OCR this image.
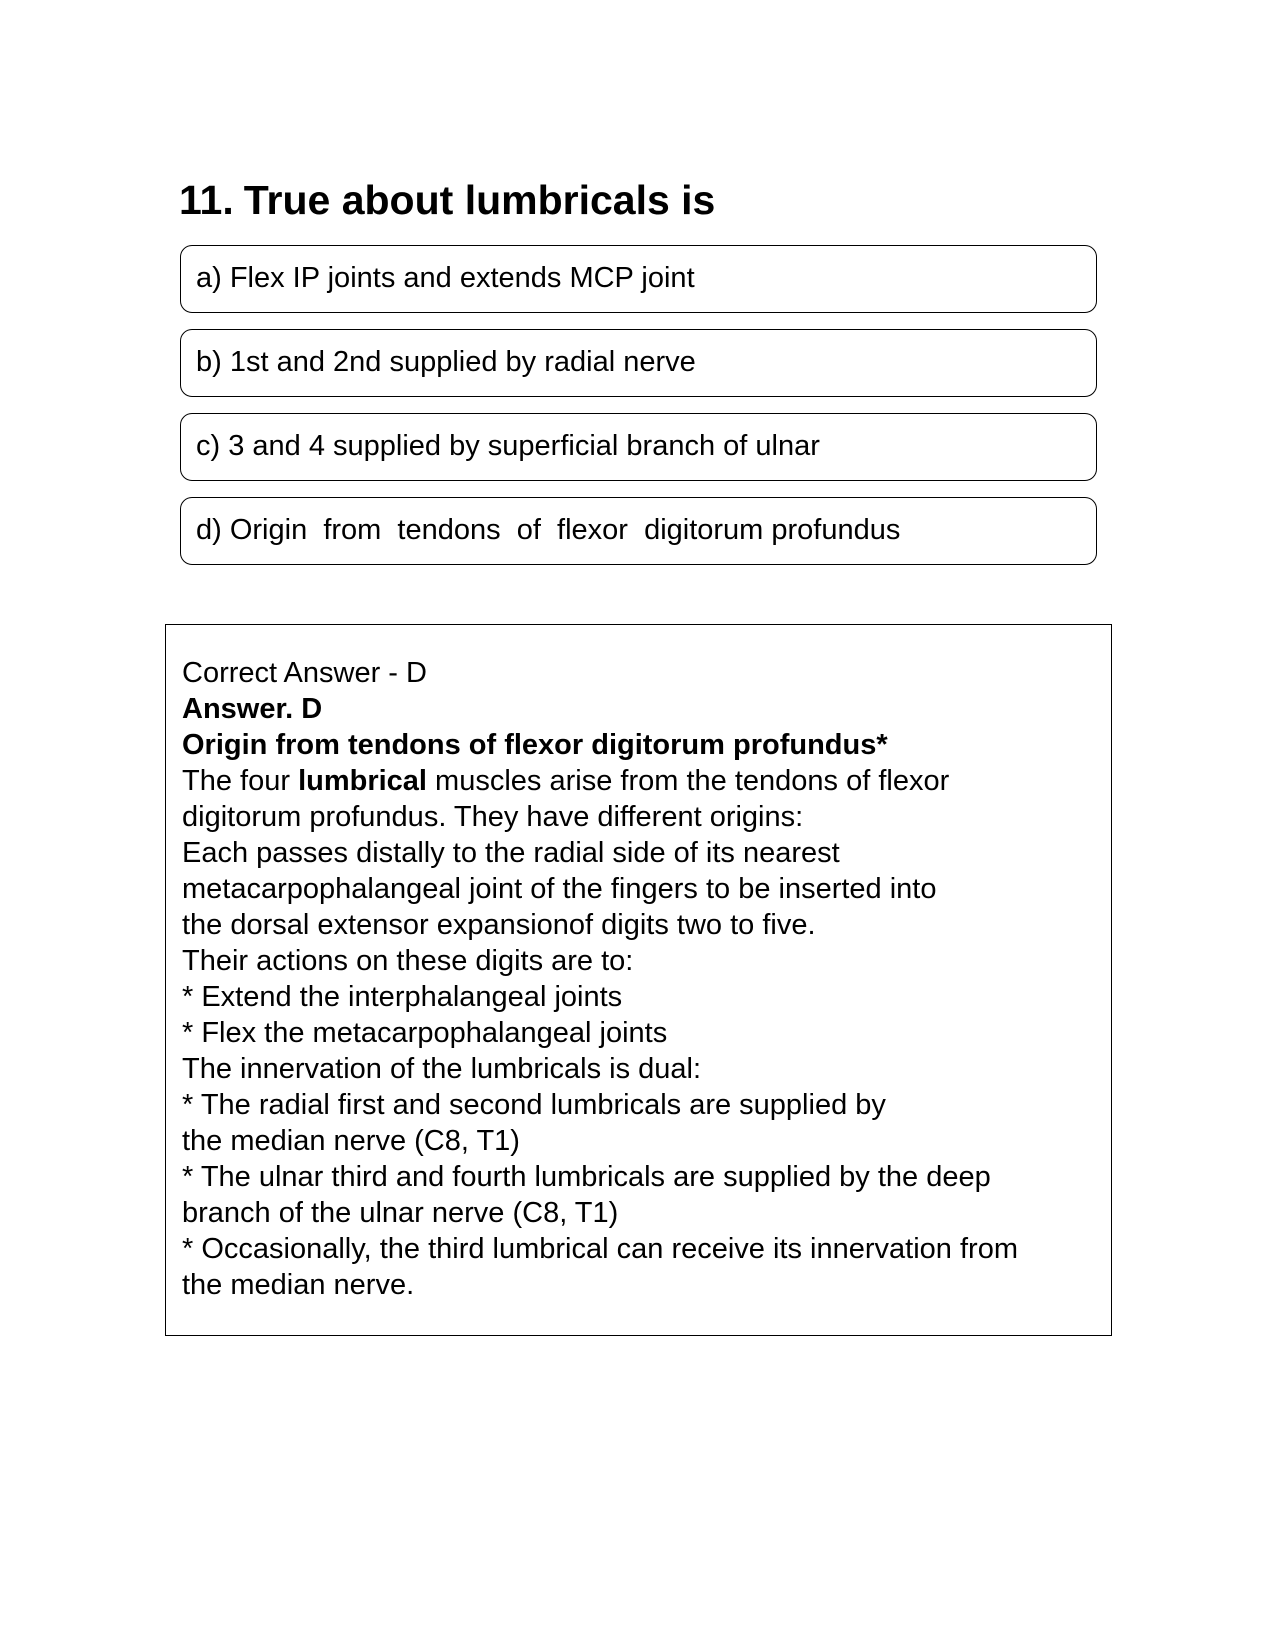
11. True about lumbricals is
a) Flex IP joints and extends MCP joint
b) 1st and 2nd supplied by radial nerve
c) 3 and 4 supplied by superficial branch of ulnar
d) Origin  from  tendons  of  flexor  digitorum profundus
Correct Answer - D
Answer. D
Origin from tendons of flexor digitorum profundus*
The four lumbrical muscles arise from the tendons of flexor
digitorum profundus. They have different origins:
Each passes distally to the radial side of its nearest
metacarpophalangeal joint of the fingers to be inserted into
the dorsal extensor expansionof digits two to five.
Their actions on these digits are to:
* Extend the interphalangeal joints
* Flex the metacarpophalangeal joints
The innervation of the lumbricals is dual:
* The radial first and second lumbricals are supplied by
the median nerve (C8, T1)
* The ulnar third and fourth lumbricals are supplied by the deep
branch of the ulnar nerve (C8, T1)
* Occasionally, the third lumbrical can receive its innervation from
the median nerve.
